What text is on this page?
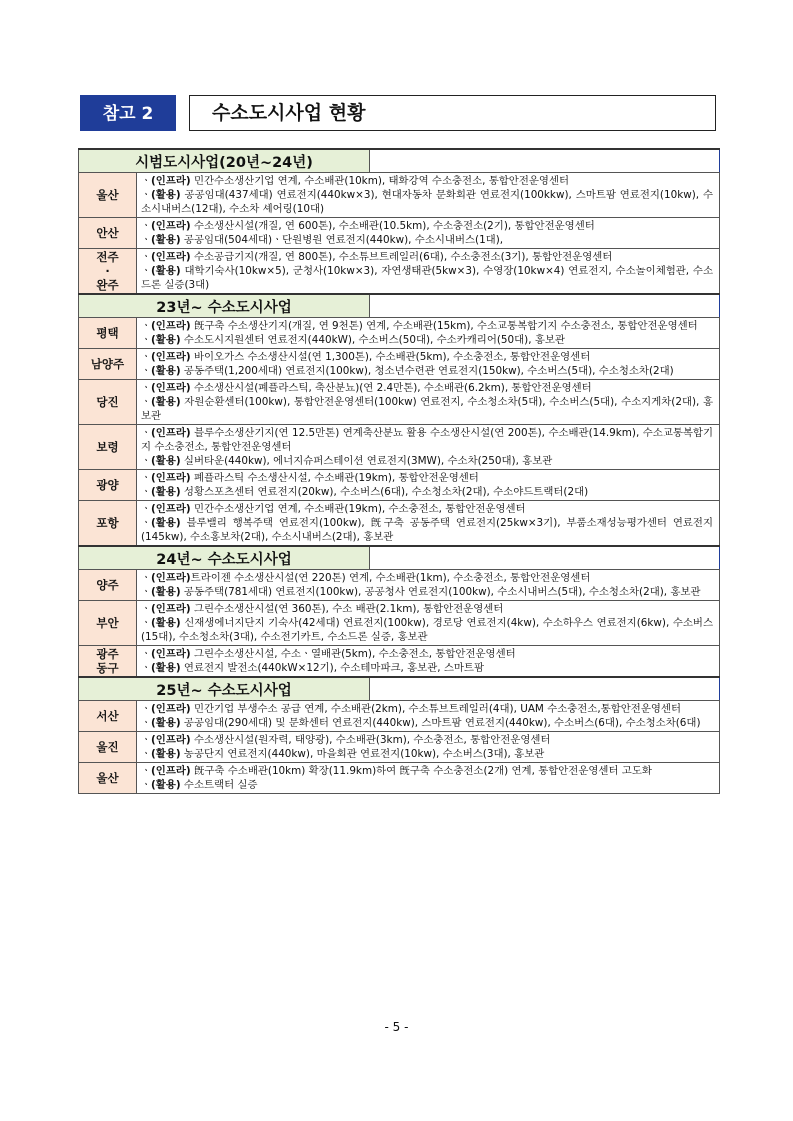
참고 2	수소도시사업 현황
시범도시사업(20년~24년)		
울산	ㆍ(인프라) 민간수소생산기업 연계, 수소배관(10km), 태화강역 수소충전소, 통합안전운영센터
ㆍ(활용) 공공임대(437세대) 연료전지(440kw×3), 현대자동차 문화회관 연료전지(100kkw), 스마트팜 연료전지(10kw), 수소시내버스(12대), 수소차 셰어링(10대)	

안산	ㆍ(인프라) 수소생산시설(개질, 연 600톤), 수소배관(10.5km), 수소충전소(2기), 통합안전운영센터
ㆍ(활용) 공공임대(504세대)ㆍ단원병원 연료전지(440kw), 수소시내버스(1대),	

전주
·
완주	ㆍ(인프라) 수소공급기지(개질, 연 800톤), 수소튜브트레일러(6대), 수소충전소(3기), 통합안전운영센터
ㆍ(활용) 대학기숙사(10kw×5), 군청사(10kw×3), 자연생태관(5kw×3), 수영장(10kw×4) 연료전지, 수소놀이체험관, 수소드론 실증(3대)	

23년~ 수소도시사업		
평택	ㆍ(인프라) 旣구축 수소생산기지(개질, 연 9천톤) 연계, 수소배관(15km), 수소교통복합기지 수소충전소, 통합안전운영센터
ㆍ(활용) 수소도시지원센터 연료전지(440kW), 수소버스(50대), 수소카캐리어(50대), 홍보관	

남양주	ㆍ(인프라) 바이오가스 수소생산시설(연 1,300톤), 수소배관(5km), 수소충전소, 통합안전운영센터
ㆍ(활용) 공동주택(1,200세대) 연료전지(100kw), 청소년수련관 연료전지(150kw), 수소버스(5대), 수소청소차(2대)	

당진	ㆍ(인프라) 수소생산시설(폐플라스틱, 축산분뇨)(연 2.4만톤), 수소배관(6.2km), 통합안전운영센터
ㆍ(활용) 자원순환센터(100kw), 통합안전운영센터(100kw) 연료전지, 수소청소차(5대), 수소버스(5대), 수소지게차(2대), 홍보관	

보령	ㆍ(인프라) 블루수소생산기지(연 12.5만톤) 연계축산분뇨 활용 수소생산시설(연 200톤), 수소배관(14.9km), 수소교통복합기지 수소충전소, 통합안전운영센터
ㆍ(활용) 실버타운(440kw), 에너지슈퍼스테이션 연료전지(3MW), 수소차(250대), 홍보관	

광양	ㆍ(인프라) 폐플라스틱 수소생산시설, 수소배관(19km), 통합안전운영센터
ㆍ(활용) 성황스포츠센터 연료전지(20kw), 수소버스(6대), 수소청소차(2대), 수소야드트랙터(2대)	

포항	ㆍ(인프라) 민간수소생산기업 연계, 수소배관(19km), 수소충전소, 통합안전운영센터
ㆍ(활용) 블루밸리 행복주택 연료전지(100kw), 旣구축 공동주택 연료전지(25kw×3기), 부품소재성능평가센터 연료전지(145kw), 수소홍보차(2대), 수소시내버스(2대), 홍보관	

24년~ 수소도시사업		
양주	ㆍ(인프라)트라이젠 수소생산시설(연 220톤) 연계, 수소배관(1km), 수소충전소, 통합안전운영센터
ㆍ(활용) 공동주택(781세대) 연료전지(100kw), 공공청사 연료전지(100kw), 수소시내버스(5대), 수소청소차(2대), 홍보관	

부안	ㆍ(인프라) 그린수소생산시설(연 360톤), 수소 배관(2.1km), 통합안전운영센터
ㆍ(활용) 신재생에너지단지 기숙사(42세대) 연료전지(100kw), 경로당 연료전지(4kw), 수소하우스 연료전지(6kw), 수소버스(15대), 수소청소차(3대), 수소전기카트, 수소드론 실증, 홍보관	

광주
동구	ㆍ(인프라) 그린수소생산시설, 수소ㆍ열배관(5km), 수소충전소, 통합안전운영센터
ㆍ(활용) 연료전지 발전소(440kW×12기), 수소테마파크, 홍보관, 스마트팜	

25년~ 수소도시사업		
서산	ㆍ(인프라) 민간기업 부생수소 공급 연계, 수소배관(2km), 수소튜브트레일러(4대), UAM 수소충전소,통합안전운영센터
ㆍ(활용) 공공임대(290세대) 및 문화센터 연료전지(440kw), 스마트팜 연료전지(440kw), 수소버스(6대), 수소청소차(6대)	

울진	ㆍ(인프라) 수소생산시설(원자력, 태양광), 수소배관(3km), 수소충전소, 통합안전운영센터
ㆍ(활용) 농공단지 연료전지(440kw), 마을회관 연료전지(10kw), 수소버스(3대), 홍보관	

울산	ㆍ(인프라) 旣구축 수소배관(10km) 확장(11.9km)하여 旣구축 수소충전소(2개) 연계, 통합안전운영센터 고도화
ㆍ(활용) 수소트랙터 실증	
- 5 -
